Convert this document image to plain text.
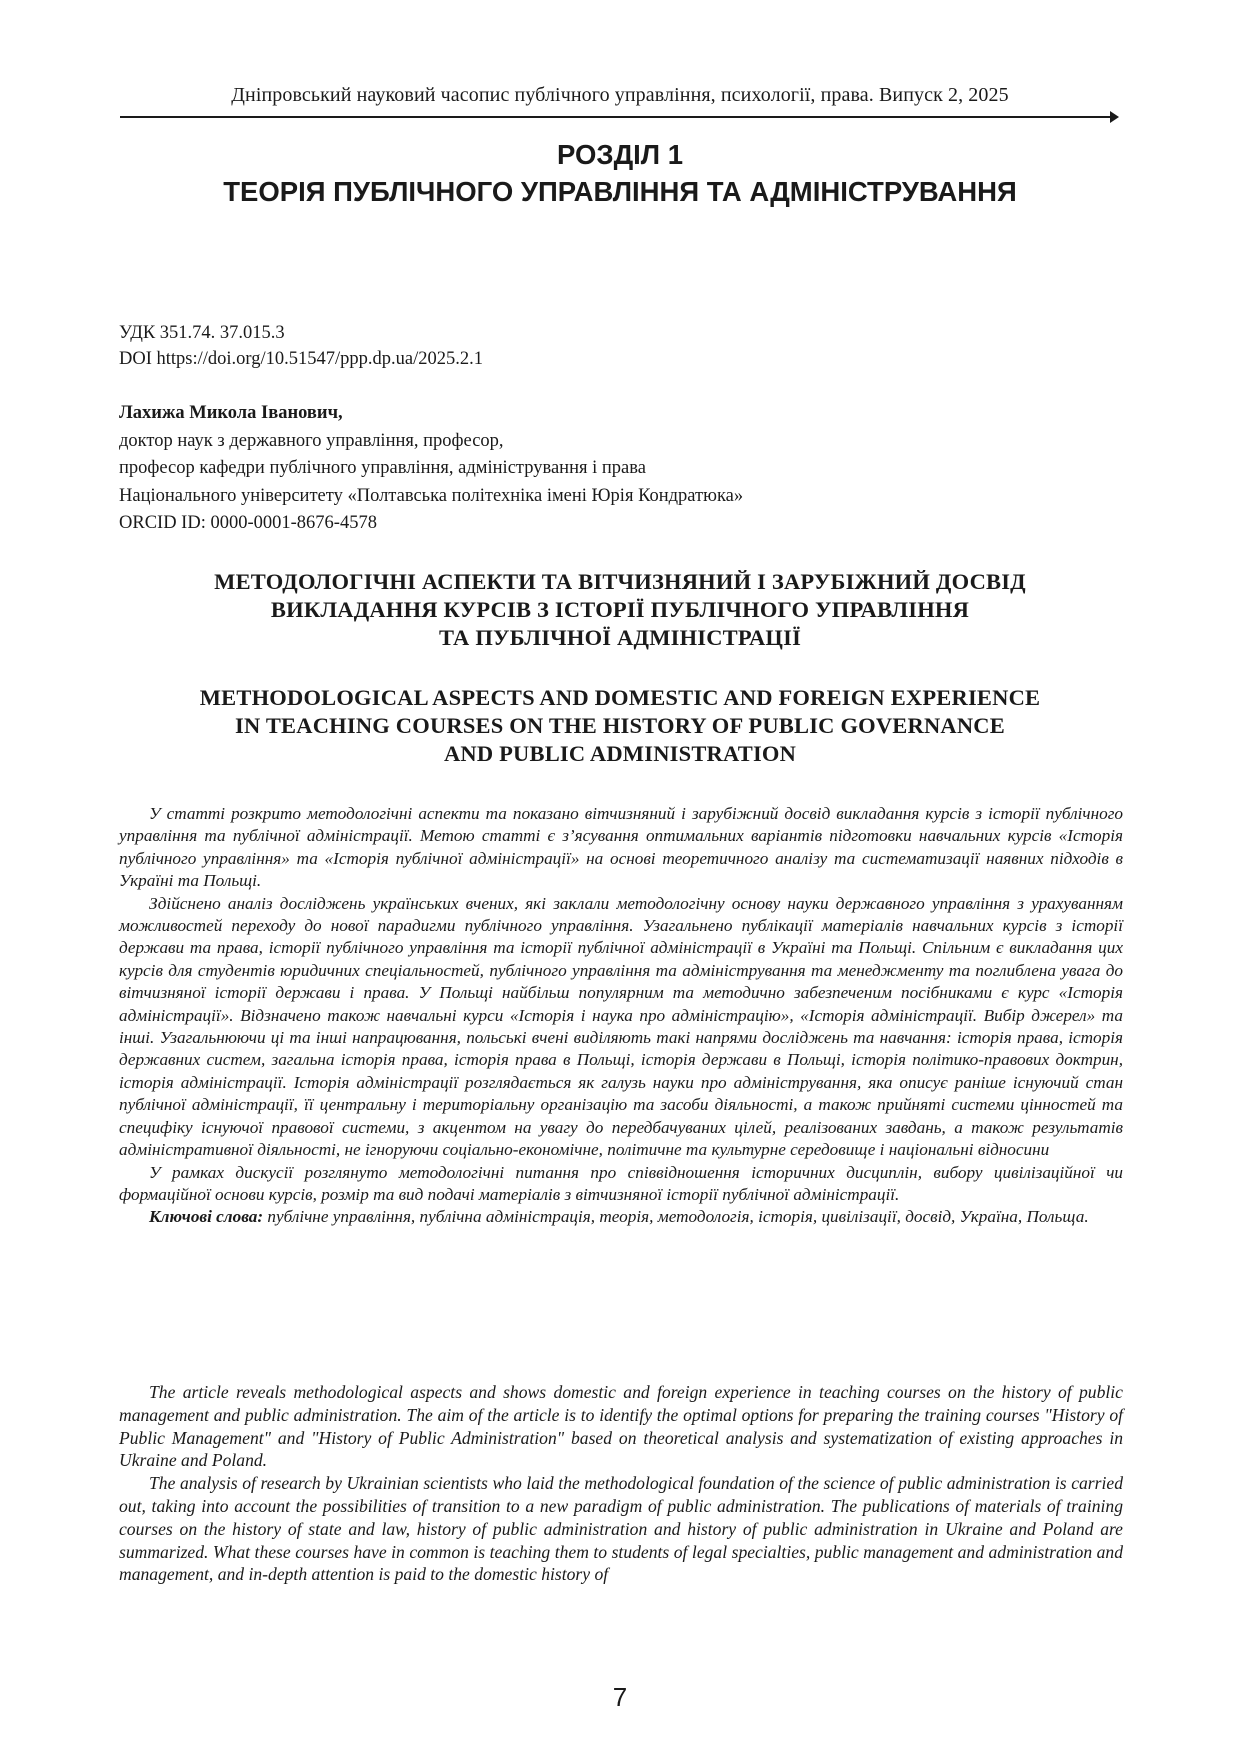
Дніпровський науковий часопис публічного управління, психології, права. Випуск 2, 2025
РОЗДІЛ 1
ТЕОРІЯ ПУБЛІЧНОГО УПРАВЛІННЯ ТА АДМІНІСТРУВАННЯ
УДК 351.74. 37.015.3
DOI https://doi.org/10.51547/ppp.dp.ua/2025.2.1
Лахижа Микола Іванович,
доктор наук з державного управління, професор,
професор кафедри публічного управління, адміністрування і права
Національного університету «Полтавська політехніка імені Юрія Кондратюка»
ORCID ID: 0000-0001-8676-4578
МЕТОДОЛОГІЧНІ АСПЕКТИ ТА ВІТЧИЗНЯНИЙ І ЗАРУБІЖНИЙ ДОСВІД
ВИКЛАДАННЯ КУРСІВ З ІСТОРІЇ ПУБЛІЧНОГО УПРАВЛІННЯ
ТА ПУБЛІЧНОЇ АДМІНІСТРАЦІЇ
METHODOLOGICAL ASPECTS AND DOMESTIC AND FOREIGN EXPERIENCE
IN TEACHING COURSES ON THE HISTORY OF PUBLIC GOVERNANCE
AND PUBLIC ADMINISTRATION

У статті розкрито методологічні аспекти та показано вітчизняний і зарубіжний досвід викладання курсів з історії публічного управління та публічної адміністрації. Метою статті є з’ясування оптимальних варіантів підготовки навчальних курсів «Історія публічного управління» та «Історія публічної адміністрації» на основі теоретичного аналізу та систематизації наявних підходів в Україні та Польщі.

Здійснено аналіз досліджень українських вчених, які заклали методологічну основу науки державного управління з урахуванням можливостей переходу до нової парадигми публічного управління. Узагальнено публікації матеріалів навчальних курсів з історії держави та права, історії публічного управління та історії публічної адміністрації в Україні та Польщі. Спільним є викладання цих курсів для студентів юридичних спеціальностей, публічного управління та адміністрування та менеджменту та поглиблена увага до вітчизняної історії держави і права. У Польщі найбільш популярним та методично забезпеченим посібниками є курс «Історія адміністрації». Відзначено також навчальні курси «Історія і наука про адміністрацію», «Історія адміністрації. Вибір джерел» та інші. Узагальнюючи ці та інші напрацювання, польські вчені виділяють такі напрями досліджень та навчання: історія права, історія державних систем, загальна історія права, історія права в Польщі, історія держави в Польщі, історія політико-правових доктрин, історія адміністрації. Історія адміністрації розглядається як галузь науки про адміністрування, яка описує раніше існуючий стан публічної адміністрації, її центральну і територіальну організацію та засоби діяльності, а також прийняті системи цінностей та специфіку існуючої правової системи, з акцентом на увагу до передбачуваних цілей, реалізованих завдань, а також результатів адміністративної діяльності, не ігноруючи соціально-економічне, політичне та культурне середовище і національні відносини

У рамках дискусії розглянуто методологічні питання про співвідношення історичних дисциплін, вибору цивілізаційної чи формаційної основи курсів, розмір та вид подачі матеріалів з вітчизняної історії публічної адміністрації.

Ключові слова: публічне управління, публічна адміністрація, теорія, методологія, історія, цивілізації, досвід, Україна, Польща.

The article reveals methodological aspects and shows domestic and foreign experience in teaching courses on the history of public management and public administration. The aim of the article is to identify the optimal options for preparing the training courses "History of Public Management" and "History of Public Administration" based on theoretical analysis and systematization of existing approaches in Ukraine and Poland.

The analysis of research by Ukrainian scientists who laid the methodological foundation of the science of public administration is carried out, taking into account the possibilities of transition to a new paradigm of public administration. The publications of materials of training courses on the history of state and law, history of public administration and history of public administration in Ukraine and Poland are summarized. What these courses have in common is teaching them to students of legal specialties, public management and administration and management, and in-depth attention is paid to the domestic history of

7
